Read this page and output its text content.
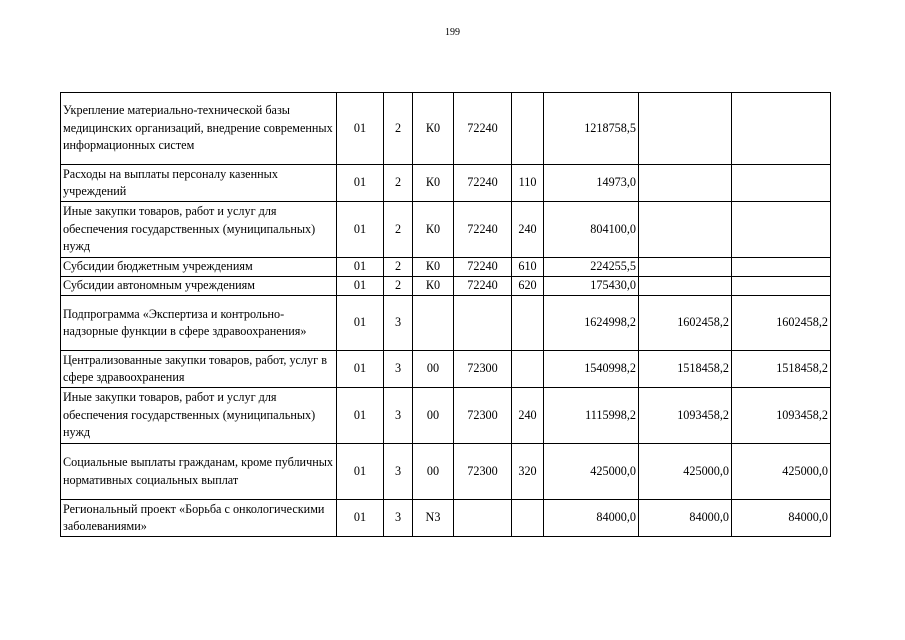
199
Укрепление материально-технической базы медицинских организаций, внедрение современных информационных систем	01	2	К0	72240		1218758,5		
Расходы на выплаты персоналу казенных учреждений	01	2	К0	72240	110	14973,0		
Иные закупки товаров, работ и услуг для обеспечения государственных (муниципальных) нужд	01	2	К0	72240	240	804100,0		
Субсидии бюджетным учреждениям	01	2	К0	72240	610	224255,5		
Субсидии автономным учреждениям	01	2	К0	72240	620	175430,0		
Подпрограмма «Экспертиза и контрольно-надзорные функции в сфере здравоохранения»	01	3				1624998,2	1602458,2	1602458,2
Централизованные закупки товаров, работ, услуг в сфере здравоохранения	01	3	00	72300		1540998,2	1518458,2	1518458,2
Иные закупки товаров, работ и услуг для обеспечения государственных (муниципальных) нужд	01	3	00	72300	240	1115998,2	1093458,2	1093458,2
Социальные выплаты гражданам, кроме публичных нормативных социальных выплат	01	3	00	72300	320	425000,0	425000,0	425000,0
Региональный проект «Борьба с онкологическими заболеваниями»	01	3	N3			84000,0	84000,0	84000,0
